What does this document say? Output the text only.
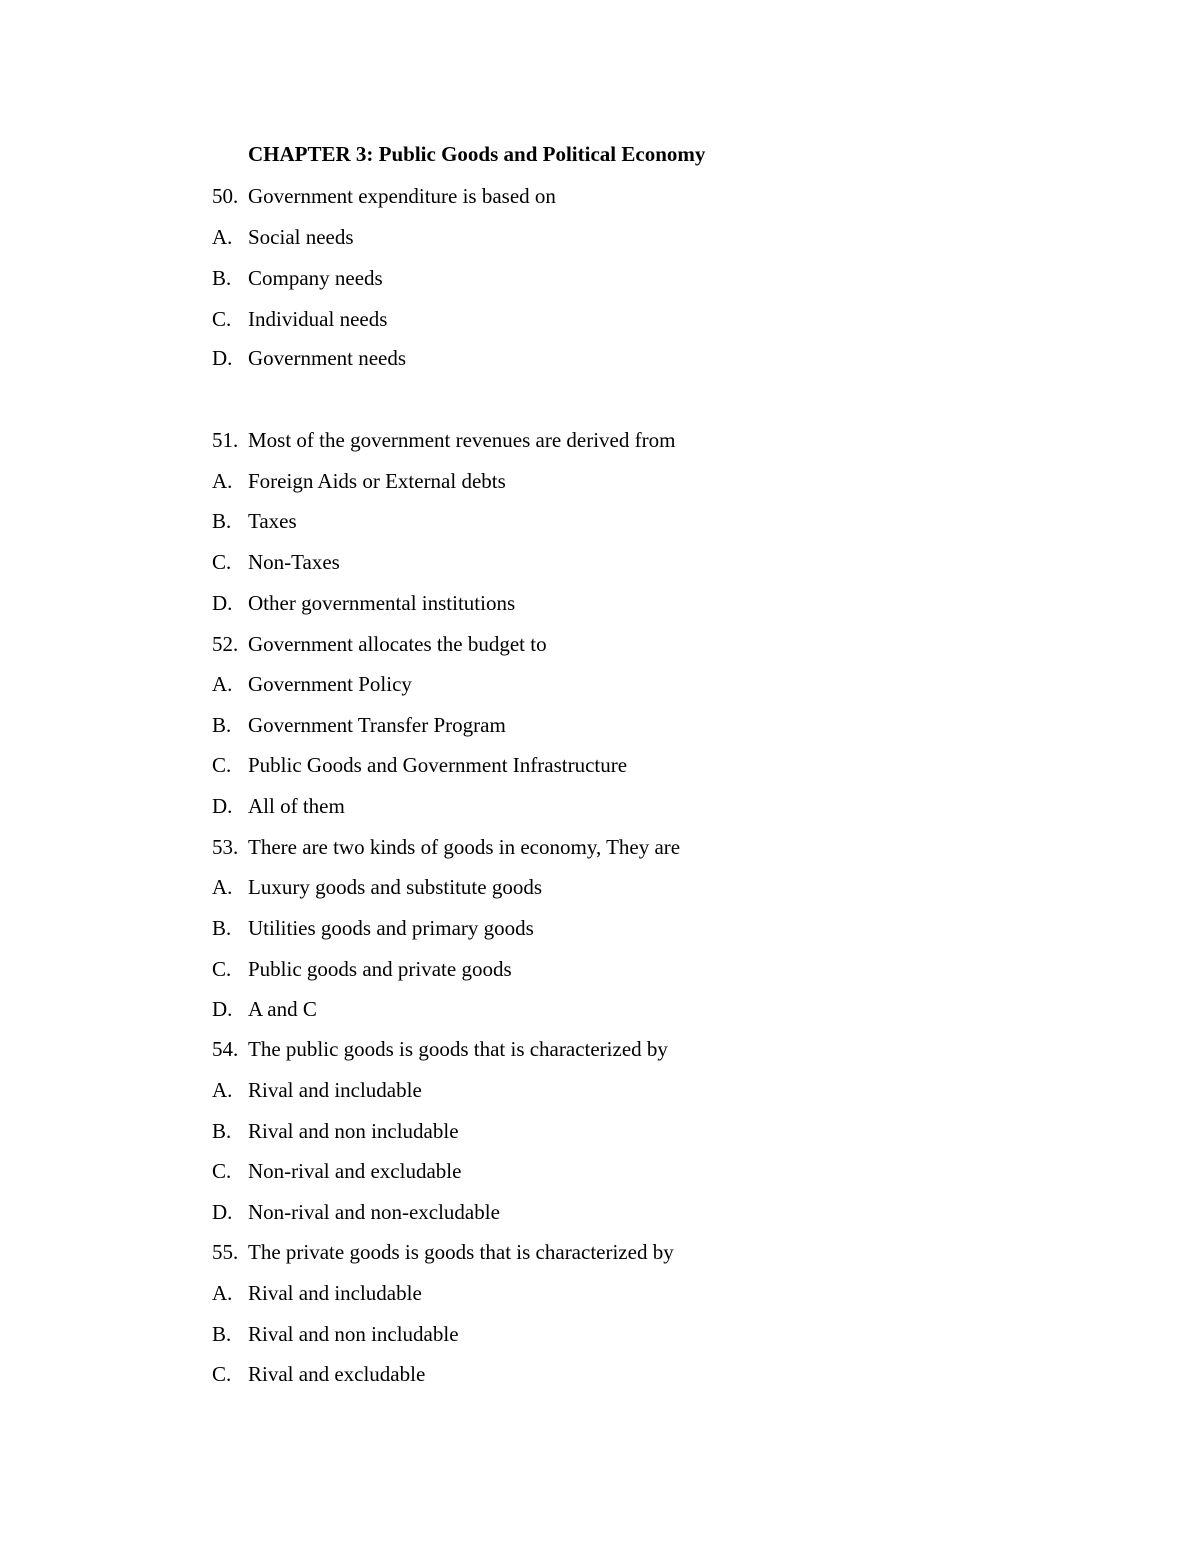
CHAPTER 3: Public Goods and Political Economy
50. Government expenditure is based on
A. Social needs
B. Company needs
C. Individual needs
D. Government needs
51. Most of the government revenues are derived from
A. Foreign Aids or External debts
B. Taxes
C. Non-Taxes
D. Other governmental institutions
52. Government allocates the budget to
A. Government Policy
B. Government Transfer Program
C. Public Goods and Government Infrastructure
D. All of them
53. There are two kinds of goods in economy, They are
A. Luxury goods and substitute goods
B. Utilities goods and primary goods
C. Public goods and private goods
D. A and C
54. The public goods is goods that is characterized by
A. Rival and includable
B. Rival and non includable
C. Non-rival and excludable
D. Non-rival and non-excludable
55. The private goods is goods that is characterized by
A. Rival and includable
B. Rival and non includable
C. Rival and excludable
